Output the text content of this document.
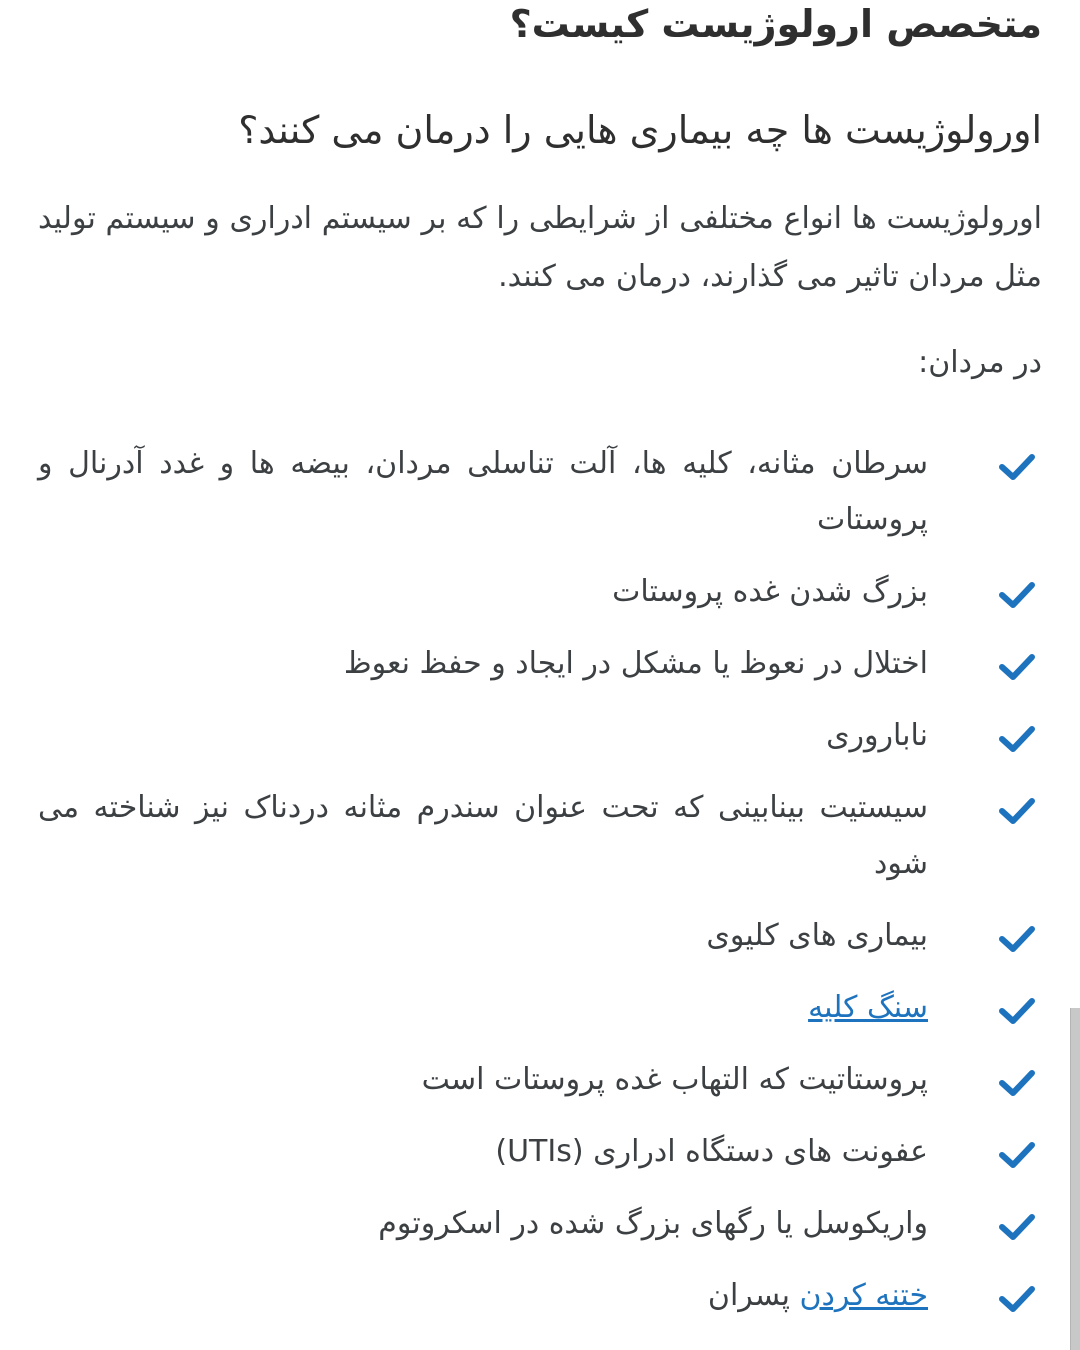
متخصص ارولوژیست کیست؟
اورولوژیست ها چه بیماری هایی را درمان می کنند؟
اورولوژیست ها انواع مختلفی از شرایطی را که بر سیستم ادراری و سیستم تولید مثل مردان تاثیر می گذارند، درمان می کنند.
در مردان:
سرطان مثانه، کلیه ها، آلت تناسلی مردان، بیضه ها و غدد آدرنال و پروستات
بزرگ شدن غده پروستات
اختلال در نعوظ یا مشکل در ایجاد و حفظ نعوظ
ناباروری
سیستیت بینابینی که تحت عنوان سندرم مثانه دردناک نیز شناخته می شود
بیماری های کلیوی
سنگ کلیه
پروستاتیت که التهاب غده پروستات است
عفونت های دستگاه ادراری (UTIs)
واریکوسل یا رگهای بزرگ شده در اسکروتوم
ختنه کردن پسران
